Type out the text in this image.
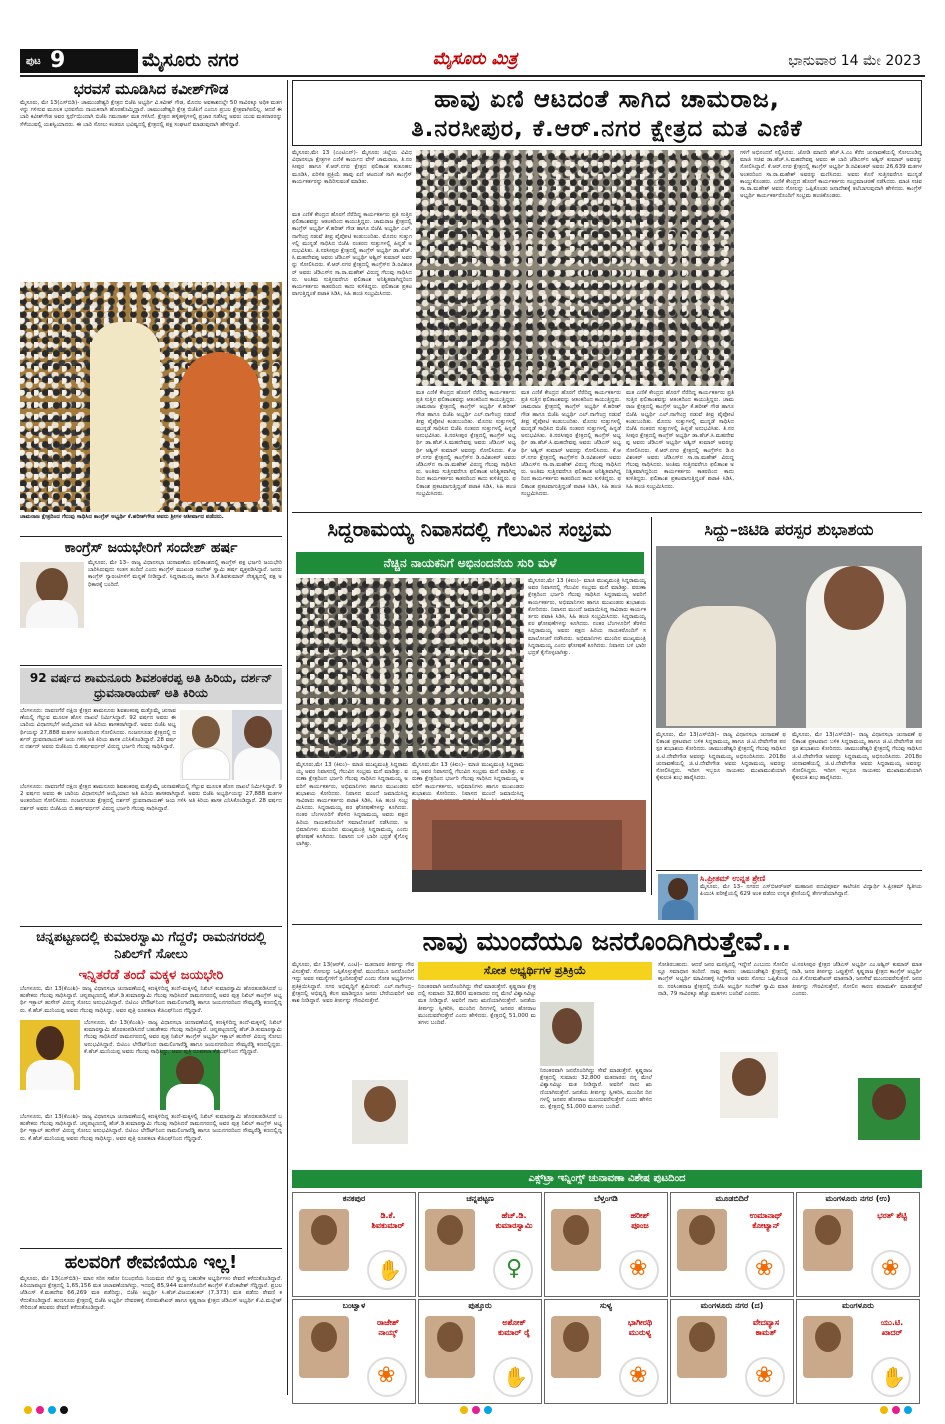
ಪುಟ 9	ಮೈಸೂರು ನಗರ	ಮೈಸೂರು ಮಿತ್ರ	ಭಾನುವಾರ 14 ಮೇ 2023
ಭರವಸೆ ಮೂಡಿಸಿದ ಕವೀಶ್‌ಗೌಡ
ಮೈಸೂರು, ಮೇ 13(ಎಸ್‌ಬಿಡಿ)- ಚಾಮುಂಡೇಶ್ವರಿ ಕ್ಷೇತ್ರದ ಬಿಜೆಪಿ ಅಭ್ಯರ್ಥಿ ವಿ.ಕವೀಶ್ ಗೌಡ, ಮೊದಲ ಅವಕಾಶದಲ್ಲೇ 50 ಸಾವಿರಕ್ಕೂ ಅಧಿಕ ಮತಗಳನ್ನು ಗಳಿಸುವ ಮೂಲಕ ಭರವಸೆಯ ನಾಯಕನಾಗಿ ಹೊರಹೊಮ್ಮಿದ್ದಾರೆ. ಚಾಮುಂಡೇಶ್ವರಿ ಕ್ಷೇತ್ರ ಬಿಜೆಪಿಗೆ ಎಂದೂ ಪ್ರಬಲ ಕ್ಷೇತ್ರವಾಗಿರಲಿಲ್ಲ. ಆದರೆ ಈ ಬಾರಿ ಕವೀಶ್‌ಗೌಡ ಅವರ ಸ್ಪರ್ಧೆಯಿಂದಾಗಿ ಬಿಜೆಪಿ ಗಮನಾರ್ಹ ಮತ ಗಳಿಸಿದೆ. ಕ್ಷೇತ್ರದ ಹಳ್ಳಿಹಳ್ಳಿಗಳಲ್ಲಿ ಪ್ರಚಾರ ನಡೆಸಿದ್ದ ಅವರು ಯುವ ಮತದಾರರನ್ನು ಸೆಳೆಯುವಲ್ಲಿ ಯಶಸ್ವಿಯಾದರು. ಈ ಬಾರಿ ಸೋಲು ಕಂಡರೂ ಭವಿಷ್ಯದಲ್ಲಿ ಕ್ಷೇತ್ರದಲ್ಲಿ ಪಕ್ಷ ಸಂಘಟನೆ ಮಾಡುವುದಾಗಿ ಹೇಳಿದ್ದಾರೆ.
ಚಾಮರಾಜ ಕ್ಷೇತ್ರದಿಂದ ಗೆಲುವು ಸಾಧಿಸಿದ ಕಾಂಗ್ರೆಸ್ ಅಭ್ಯರ್ಥಿ ಕೆ.ಹರೀಶ್‌ಗೌಡ ಅವರು ಶ್ರೀಗಳ ಆಶೀರ್ವಾದ ಪಡೆದರು.
ಕಾಂಗ್ರೆಸ್ ಜಯಭೇರಿಗೆ ಸಂದೇಶ್ ಹರ್ಷ
ಮೈಸೂರು, ಮೇ 13– ರಾಜ್ಯ ವಿಧಾನಸಭಾ ಚುನಾವಣೆಯ ಫಲಿತಾಂಶದಲ್ಲಿ ಕಾಂಗ್ರೆಸ್ ಪಕ್ಷ ಭರ್ಜರಿ ಜಯಭೇರಿ ಬಾರಿಸಿರುವುದು ಸಂತಸ ತಂದಿದೆ ಎಂದು ಕಾಂಗ್ರೆಸ್ ಮುಖಂಡ ಸಂದೇಶ್ ಸ್ವಾಮಿ ಹರ್ಷ ವ್ಯಕ್ತಪಡಿಸಿದ್ದಾರೆ. ಜನರು ಕಾಂಗ್ರೆಸ್ ಗ್ಯಾರಂಟಿಗಳಿಗೆ ಮನ್ನಣೆ ನೀಡಿದ್ದಾರೆ. ಸಿದ್ದರಾಮಯ್ಯ ಹಾಗೂ ಡಿ.ಕೆ.ಶಿವಕುಮಾರ್ ನೇತೃತ್ವದಲ್ಲಿ ಪಕ್ಷ ಅಧಿಕಾರಕ್ಕೆ ಬಂದಿದೆ.
92 ವರ್ಷದ ಶಾಮನೂರು ಶಿವಶಂಕರಪ್ಪ ಅತಿ ಹಿರಿಯ, ದರ್ಶನ್ ಧ್ರುವನಾರಾಯಣ್ ಅತಿ ಕಿರಿಯ
ಬೆಂಗಳೂರು: ದಾವಣಗೆರೆ ದಕ್ಷಿಣ ಕ್ಷೇತ್ರದ ಶಾಮನೂರು ಶಿವಶಂಕರಪ್ಪ ಮತ್ತೊಮ್ಮೆ ಚುನಾವಣೆಯಲ್ಲಿ ಗೆಲ್ಲುವ ಮೂಲಕ ಹೊಸ ದಾಖಲೆ ನಿರ್ಮಿಸಿದ್ದಾರೆ. 92 ವರ್ಷದ ಅವರು ಈ ಬಾರಿಯ ವಿಧಾನಸಭೆಗೆ ಆಯ್ಕೆಯಾದ ಅತಿ ಹಿರಿಯ ಶಾಸಕರಾಗಿದ್ದಾರೆ. ಅವರು ಬಿಜೆಪಿ ಅಭ್ಯರ್ಥಿಯನ್ನು 27,888 ಮತಗಳ ಅಂತರದಿಂದ ಸೋಲಿಸಿದರು. ನಂಜನಗೂಡು ಕ್ಷೇತ್ರದಲ್ಲಿ ದರ್ಶನ್ ಧ್ರುವನಾರಾಯಣ್ ಜಯ ಗಳಿಸಿ ಅತಿ ಕಿರಿಯ ಶಾಸಕ ಎನಿಸಿಕೊಂಡಿದ್ದಾರೆ. 28 ವರ್ಷದ ದರ್ಶನ್ ಅವರು ಬಿಜೆಪಿಯ ಬಿ.ಹರ್ಷವರ್ಧನ್ ವಿರುದ್ಧ ಭರ್ಜರಿ ಗೆಲುವು ಸಾಧಿಸಿದ್ದಾರೆ.
ಬೆಂಗಳೂರು: ದಾವಣಗೆರೆ ದಕ್ಷಿಣ ಕ್ಷೇತ್ರದ ಶಾಮನೂರು ಶಿವಶಂಕರಪ್ಪ ಮತ್ತೊಮ್ಮೆ ಚುನಾವಣೆಯಲ್ಲಿ ಗೆಲ್ಲುವ ಮೂಲಕ ಹೊಸ ದಾಖಲೆ ನಿರ್ಮಿಸಿದ್ದಾರೆ. 92 ವರ್ಷದ ಅವರು ಈ ಬಾರಿಯ ವಿಧಾನಸಭೆಗೆ ಆಯ್ಕೆಯಾದ ಅತಿ ಹಿರಿಯ ಶಾಸಕರಾಗಿದ್ದಾರೆ. ಅವರು ಬಿಜೆಪಿ ಅಭ್ಯರ್ಥಿಯನ್ನು 27,888 ಮತಗಳ ಅಂತರದಿಂದ ಸೋಲಿಸಿದರು. ನಂಜನಗೂಡು ಕ್ಷೇತ್ರದಲ್ಲಿ ದರ್ಶನ್ ಧ್ರುವನಾರಾಯಣ್ ಜಯ ಗಳಿಸಿ ಅತಿ ಕಿರಿಯ ಶಾಸಕ ಎನಿಸಿಕೊಂಡಿದ್ದಾರೆ. 28 ವರ್ಷದ ದರ್ಶನ್ ಅವರು ಬಿಜೆಪಿಯ ಬಿ.ಹರ್ಷವರ್ಧನ್ ವಿರುದ್ಧ ಭರ್ಜರಿ ಗೆಲುವು ಸಾಧಿಸಿದ್ದಾರೆ.
ಚನ್ನಪಟ್ಟಣದಲ್ಲಿ ಕುಮಾರಸ್ವಾಮಿ ಗೆದ್ದರೆ; ರಾಮನಗರದಲ್ಲಿ ನಿಖಿಲ್‌ಗೆ ಸೋಲು
ಇನ್ನಿತರೆಡೆ ತಂದೆ ಮಕ್ಕಳ ಜಯಭೇರಿ
ಬೆಂಗಳೂರು, ಮೇ 13(ಕೆಎಂಶಿ)- ರಾಜ್ಯ ವಿಧಾನಸಭಾ ಚುನಾವಣೆಯಲ್ಲಿ ಕಣಕ್ಕಿಳಿದಿದ್ದ ತಂದೆ-ಮಕ್ಕಳಲ್ಲಿ ನಿಖಿಲ್ ಕುಮಾರಸ್ವಾಮಿ ಹೊರತುಪಡಿಸಿದರೆ ಬಹುತೇಕರು ಗೆಲುವು ಸಾಧಿಸಿದ್ದಾರೆ. ಚನ್ನಪಟ್ಟಣದಲ್ಲಿ ಹೆಚ್.ಡಿ.ಕುಮಾರಸ್ವಾಮಿ ಗೆಲುವು ಸಾಧಿಸಿದರೆ ರಾಮನಗರದಲ್ಲಿ ಅವರ ಪುತ್ರ ನಿಖಿಲ್ ಕಾಂಗ್ರೆಸ್ ಅಭ್ಯರ್ಥಿ ಇಕ್ಬಾಲ್ ಹುಸೇನ್ ವಿರುದ್ಧ ಸೋಲು ಅನುಭವಿಸಿದ್ದಾರೆ. ಬಿಟಿಎಂ ಲೇಔಟ್‌ನಿಂದ ರಾಮಲಿಂಗಾರೆಡ್ಡಿ ಹಾಗೂ ಜಯನಗರದಿಂದ ಸೌಮ್ಯರೆಡ್ಡಿ ಕಣದಲ್ಲಿದ್ದರು. ಕೆ.ಹೆಚ್.ಮುನಿಯಪ್ಪ ಅವರು ಗೆಲುವು ಸಾಧಿಸಿದ್ದು, ಅವರ ಪುತ್ರಿ ರೂಪಕಲಾ ಕೆಜಿಎಫ್‌ನಿಂದ ಗೆದ್ದಿದ್ದಾರೆ.
ಬೆಂಗಳೂರು, ಮೇ 13(ಕೆಎಂಶಿ)- ರಾಜ್ಯ ವಿಧಾನಸಭಾ ಚುನಾವಣೆಯಲ್ಲಿ ಕಣಕ್ಕಿಳಿದಿದ್ದ ತಂದೆ-ಮಕ್ಕಳಲ್ಲಿ ನಿಖಿಲ್ ಕುಮಾರಸ್ವಾಮಿ ಹೊರತುಪಡಿಸಿದರೆ ಬಹುತೇಕರು ಗೆಲುವು ಸಾಧಿಸಿದ್ದಾರೆ. ಚನ್ನಪಟ್ಟಣದಲ್ಲಿ ಹೆಚ್.ಡಿ.ಕುಮಾರಸ್ವಾಮಿ ಗೆಲುವು ಸಾಧಿಸಿದರೆ ರಾಮನಗರದಲ್ಲಿ ಅವರ ಪುತ್ರ ನಿಖಿಲ್ ಕಾಂಗ್ರೆಸ್ ಅಭ್ಯರ್ಥಿ ಇಕ್ಬಾಲ್ ಹುಸೇನ್ ವಿರುದ್ಧ ಸೋಲು ಅನುಭವಿಸಿದ್ದಾರೆ. ಬಿಟಿಎಂ ಲೇಔಟ್‌ನಿಂದ ರಾಮಲಿಂಗಾರೆಡ್ಡಿ ಹಾಗೂ ಜಯನಗರದಿಂದ ಸೌಮ್ಯರೆಡ್ಡಿ ಕಣದಲ್ಲಿದ್ದರು. ಕೆ.ಹೆಚ್.ಮುನಿಯಪ್ಪ ಅವರು ಗೆಲುವು ಸಾಧಿಸಿದ್ದು, ಅವರ ಪುತ್ರಿ ರೂಪಕಲಾ ಕೆಜಿಎಫ್‌ನಿಂದ ಗೆದ್ದಿದ್ದಾರೆ.
ಬೆಂಗಳೂರು, ಮೇ 13(ಕೆಎಂಶಿ)- ರಾಜ್ಯ ವಿಧಾನಸಭಾ ಚುನಾವಣೆಯಲ್ಲಿ ಕಣಕ್ಕಿಳಿದಿದ್ದ ತಂದೆ-ಮಕ್ಕಳಲ್ಲಿ ನಿಖಿಲ್ ಕುಮಾರಸ್ವಾಮಿ ಹೊರತುಪಡಿಸಿದರೆ ಬಹುತೇಕರು ಗೆಲುವು ಸಾಧಿಸಿದ್ದಾರೆ. ಚನ್ನಪಟ್ಟಣದಲ್ಲಿ ಹೆಚ್.ಡಿ.ಕುಮಾರಸ್ವಾಮಿ ಗೆಲುವು ಸಾಧಿಸಿದರೆ ರಾಮನಗರದಲ್ಲಿ ಅವರ ಪುತ್ರ ನಿಖಿಲ್ ಕಾಂಗ್ರೆಸ್ ಅಭ್ಯರ್ಥಿ ಇಕ್ಬಾಲ್ ಹುಸೇನ್ ವಿರುದ್ಧ ಸೋಲು ಅನುಭವಿಸಿದ್ದಾರೆ. ಬಿಟಿಎಂ ಲೇಔಟ್‌ನಿಂದ ರಾಮಲಿಂಗಾರೆಡ್ಡಿ ಹಾಗೂ ಜಯನಗರದಿಂದ ಸೌಮ್ಯರೆಡ್ಡಿ ಕಣದಲ್ಲಿದ್ದರು. ಕೆ.ಹೆಚ್.ಮುನಿಯಪ್ಪ ಅವರು ಗೆಲುವು ಸಾಧಿಸಿದ್ದು, ಅವರ ಪುತ್ರಿ ರೂಪಕಲಾ ಕೆಜಿಎಫ್‌ನಿಂದ ಗೆದ್ದಿದ್ದಾರೆ.
ಹಲವರಿಗೆ ಠೇವಣಿಯೂ ಇಲ್ಲ!
ಮೈಸೂರು, ಮೇ 13(ಎಸ್‌ಬಿಡಿ)– ಮಾನ ಸರಿಸ ಸಹೋ ನಿಬಂಧನೆಯ ನಿಯಮದ ನೆಲೆ ಸ್ವಾಧ್ಯ ಬಹುತೇಕ ಅಭ್ಯರ್ಥಿಗಳು ಠೇವಣಿ ಕಳೆದುಕೊಂಡಿದ್ದಾರೆ. ಪಿರಿಯಾಪಟ್ಟಣ ಕ್ಷೇತ್ರದಲ್ಲಿ 1,65,156 ಮತ ಚಲಾವಣೆಯಾಗಿದ್ದು, ಇದರಲ್ಲಿ 85,944 ಮತಗಳೊಂದಿಗೆ ಕಾಂಗ್ರೆಸ್ ಕೆ.ವೆಂಕಟೇಶ್ ಗೆದ್ದಿದ್ದಾರೆ. ಪ್ರಬಲ ಜೆಡಿಎಸ್ ಕೆ.ಮಹದೇವ 66,269 ಮತ ಪಡೆದಿದ್ದು, ಬಿಜೆಪಿ ಅಭ್ಯರ್ಥಿ ಸಿ.ಹೆಚ್.ವಿಜಯಶಂಕರ್ (7,373) ಮತ ಪಡೆದು ಠೇವಣಿ ಕಳೆದುಕೊಂಡಿದ್ದಾರೆ. ಹುಣಸೂರು ಕ್ಷೇತ್ರದಲ್ಲಿ ಬಿಜೆಪಿ ಅಭ್ಯರ್ಥಿ ದೇವರಹಳ್ಳಿ ಸೋಮಶೇಖರ್ ಹಾಗೂ ಕೃಷ್ಣರಾಜ ಕ್ಷೇತ್ರದ ಜೆಡಿಎಸ್ ಅಭ್ಯರ್ಥಿ ಕೆ.ವಿ.ಮಲ್ಲೇಶ್ ಸೇರಿದಂತೆ ಹಲವರು ಠೇವಣಿ ಕಳೆದುಕೊಂಡಿದ್ದಾರೆ.
ಹಾವು ಏಣಿ ಆಟದಂತೆ ಸಾಗಿದ ಚಾಮರಾಜ,
ತಿ.ನರಸೀಪುರ, ಕೆ.ಆರ್.ನಗರ ಕ್ಷೇತ್ರದ ಮತ ಎಣಿಕೆ
ಮೈಸೂರು,ಮೇ 13 (ಎಂಟಿಎನ್)- ಮೈಸೂರು ಜಿಲ್ಲೆಯ ವಿವಿಧ ವಿಧಾನಸಭಾ ಕ್ಷೇತ್ರಗಳ ಎಣಿಕೆ ಕಾರ್ಯದ ವೇಳೆ ಚಾಮರಾಜ, ತಿ.ನರಸೀಪುರ ಹಾಗೂ ಕೆ.ಆರ್.ನಗರ ಕ್ಷೇತ್ರದ ಫಲಿತಾಂಶ ಕುತೂಹಲ ಮೂಡಿಸಿ, ಏರಿಳಿತ ಪ್ರಕ್ರಿಯೆ ಹಾವು ಏಣಿ ಆಟದಂತೆ ಸಾಗಿ ಕಾಂಗ್ರೆಸ್ ಕಾರ್ಯಕರ್ತರನ್ನು ಕಾದಿರಿಸುವಂತೆ ಮಾಡಿತು.
ಮತ ಎಣಿಕೆ ಕೇಂದ್ರದ ಹೊರಗೆ ನೆರೆದಿದ್ದ ಕಾರ್ಯಕರ್ತರು ಪ್ರತಿ ಸುತ್ತಿನ ಫಲಿತಾಂಶವನ್ನು ಆತಂಕದಿಂದ ಕಾಯುತ್ತಿದ್ದರು. ಚಾಮರಾಜ ಕ್ಷೇತ್ರದಲ್ಲಿ ಕಾಂಗ್ರೆಸ್ ಅಭ್ಯರ್ಥಿ ಕೆ.ಹರೀಶ್ ಗೌಡ ಹಾಗೂ ಬಿಜೆಪಿ ಅಭ್ಯರ್ಥಿ ಎಲ್.ನಾಗೇಂದ್ರ ನಡುವೆ ತೀವ್ರ ಪೈಪೋಟಿ ಕಂಡುಬಂದಿತು. ಮೊದಲ ಸುತ್ತುಗಳಲ್ಲಿ ಮುನ್ನಡೆ ಸಾಧಿಸಿದ ಬಿಜೆಪಿ ನಂತರದ ಸುತ್ತುಗಳಲ್ಲಿ ಹಿನ್ನಡೆ ಅನುಭವಿಸಿತು. ತಿ.ನರಸೀಪುರ ಕ್ಷೇತ್ರದಲ್ಲಿ ಕಾಂಗ್ರೆಸ್ ಅಭ್ಯರ್ಥಿ ಡಾ.ಹೆಚ್.ಸಿ.ಮಹದೇವಪ್ಪ ಅವರು ಜೆಡಿಎಸ್ ಅಭ್ಯರ್ಥಿ ಅಶ್ವಿನ್ ಕುಮಾರ್ ಅವರನ್ನು ಸೋಲಿಸಿದರು. ಕೆ.ಆರ್.ನಗರ ಕ್ಷೇತ್ರದಲ್ಲಿ ಕಾಂಗ್ರೆಸ್‌ನ ಡಿ.ರವಿಶಂಕರ್ ಅವರು ಜೆಡಿಎಸ್‌ನ ಸಾ.ರಾ.ಮಹೇಶ್ ವಿರುದ್ಧ ಗೆಲುವು ಸಾಧಿಸಿದರು. ಅಂತಿಮ ಸುತ್ತಿನವರೆಗೂ ಫಲಿತಾಂಶ ಅನಿಶ್ಚಿತವಾಗಿದ್ದರಿಂದ ಕಾರ್ಯಕರ್ತರು ಕಾತರದಿಂದ ಕಾದು ಕುಳಿತಿದ್ದರು. ಫಲಿತಾಂಶ ಪ್ರಕಟವಾಗುತ್ತಿದ್ದಂತೆ ಪಟಾಕಿ ಸಿಡಿಸಿ, ಸಿಹಿ ಹಂಚಿ ಸಂಭ್ರಮಿಸಿದರು.
ಮತ ಎಣಿಕೆ ಕೇಂದ್ರದ ಹೊರಗೆ ನೆರೆದಿದ್ದ ಕಾರ್ಯಕರ್ತರು ಪ್ರತಿ ಸುತ್ತಿನ ಫಲಿತಾಂಶವನ್ನು ಆತಂಕದಿಂದ ಕಾಯುತ್ತಿದ್ದರು. ಚಾಮರಾಜ ಕ್ಷೇತ್ರದಲ್ಲಿ ಕಾಂಗ್ರೆಸ್ ಅಭ್ಯರ್ಥಿ ಕೆ.ಹರೀಶ್ ಗೌಡ ಹಾಗೂ ಬಿಜೆಪಿ ಅಭ್ಯರ್ಥಿ ಎಲ್.ನಾಗೇಂದ್ರ ನಡುವೆ ತೀವ್ರ ಪೈಪೋಟಿ ಕಂಡುಬಂದಿತು. ಮೊದಲ ಸುತ್ತುಗಳಲ್ಲಿ ಮುನ್ನಡೆ ಸಾಧಿಸಿದ ಬಿಜೆಪಿ ನಂತರದ ಸುತ್ತುಗಳಲ್ಲಿ ಹಿನ್ನಡೆ ಅನುಭವಿಸಿತು. ತಿ.ನರಸೀಪುರ ಕ್ಷೇತ್ರದಲ್ಲಿ ಕಾಂಗ್ರೆಸ್ ಅಭ್ಯರ್ಥಿ ಡಾ.ಹೆಚ್.ಸಿ.ಮಹದೇವಪ್ಪ ಅವರು ಜೆಡಿಎಸ್ ಅಭ್ಯರ್ಥಿ ಅಶ್ವಿನ್ ಕುಮಾರ್ ಅವರನ್ನು ಸೋಲಿಸಿದರು. ಕೆ.ಆರ್.ನಗರ ಕ್ಷೇತ್ರದಲ್ಲಿ ಕಾಂಗ್ರೆಸ್‌ನ ಡಿ.ರವಿಶಂಕರ್ ಅವರು ಜೆಡಿಎಸ್‌ನ ಸಾ.ರಾ.ಮಹೇಶ್ ವಿರುದ್ಧ ಗೆಲುವು ಸಾಧಿಸಿದರು. ಅಂತಿಮ ಸುತ್ತಿನವರೆಗೂ ಫಲಿತಾಂಶ ಅನಿಶ್ಚಿತವಾಗಿದ್ದರಿಂದ ಕಾರ್ಯಕರ್ತರು ಕಾತರದಿಂದ ಕಾದು ಕುಳಿತಿದ್ದರು. ಫಲಿತಾಂಶ ಪ್ರಕಟವಾಗುತ್ತಿದ್ದಂತೆ ಪಟಾಕಿ ಸಿಡಿಸಿ, ಸಿಹಿ ಹಂಚಿ ಸಂಭ್ರಮಿಸಿದರು.
ಮತ ಎಣಿಕೆ ಕೇಂದ್ರದ ಹೊರಗೆ ನೆರೆದಿದ್ದ ಕಾರ್ಯಕರ್ತರು ಪ್ರತಿ ಸುತ್ತಿನ ಫಲಿತಾಂಶವನ್ನು ಆತಂಕದಿಂದ ಕಾಯುತ್ತಿದ್ದರು. ಚಾಮರಾಜ ಕ್ಷೇತ್ರದಲ್ಲಿ ಕಾಂಗ್ರೆಸ್ ಅಭ್ಯರ್ಥಿ ಕೆ.ಹರೀಶ್ ಗೌಡ ಹಾಗೂ ಬಿಜೆಪಿ ಅಭ್ಯರ್ಥಿ ಎಲ್.ನಾಗೇಂದ್ರ ನಡುವೆ ತೀವ್ರ ಪೈಪೋಟಿ ಕಂಡುಬಂದಿತು. ಮೊದಲ ಸುತ್ತುಗಳಲ್ಲಿ ಮುನ್ನಡೆ ಸಾಧಿಸಿದ ಬಿಜೆಪಿ ನಂತರದ ಸುತ್ತುಗಳಲ್ಲಿ ಹಿನ್ನಡೆ ಅನುಭವಿಸಿತು. ತಿ.ನರಸೀಪುರ ಕ್ಷೇತ್ರದಲ್ಲಿ ಕಾಂಗ್ರೆಸ್ ಅಭ್ಯರ್ಥಿ ಡಾ.ಹೆಚ್.ಸಿ.ಮಹದೇವಪ್ಪ ಅವರು ಜೆಡಿಎಸ್ ಅಭ್ಯರ್ಥಿ ಅಶ್ವಿನ್ ಕುಮಾರ್ ಅವರನ್ನು ಸೋಲಿಸಿದರು. ಕೆ.ಆರ್.ನಗರ ಕ್ಷೇತ್ರದಲ್ಲಿ ಕಾಂಗ್ರೆಸ್‌ನ ಡಿ.ರವಿಶಂಕರ್ ಅವರು ಜೆಡಿಎಸ್‌ನ ಸಾ.ರಾ.ಮಹೇಶ್ ವಿರುದ್ಧ ಗೆಲುವು ಸಾಧಿಸಿದರು. ಅಂತಿಮ ಸುತ್ತಿನವರೆಗೂ ಫಲಿತಾಂಶ ಅನಿಶ್ಚಿತವಾಗಿದ್ದರಿಂದ ಕಾರ್ಯಕರ್ತರು ಕಾತರದಿಂದ ಕಾದು ಕುಳಿತಿದ್ದರು. ಫಲಿತಾಂಶ ಪ್ರಕಟವಾಗುತ್ತಿದ್ದಂತೆ ಪಟಾಕಿ ಸಿಡಿಸಿ, ಸಿಹಿ ಹಂಚಿ ಸಂಭ್ರಮಿಸಿದರು.
ಮತ ಎಣಿಕೆ ಕೇಂದ್ರದ ಹೊರಗೆ ನೆರೆದಿದ್ದ ಕಾರ್ಯಕರ್ತರು ಪ್ರತಿ ಸುತ್ತಿನ ಫಲಿತಾಂಶವನ್ನು ಆತಂಕದಿಂದ ಕಾಯುತ್ತಿದ್ದರು. ಚಾಮರಾಜ ಕ್ಷೇತ್ರದಲ್ಲಿ ಕಾಂಗ್ರೆಸ್ ಅಭ್ಯರ್ಥಿ ಕೆ.ಹರೀಶ್ ಗೌಡ ಹಾಗೂ ಬಿಜೆಪಿ ಅಭ್ಯರ್ಥಿ ಎಲ್.ನಾಗೇಂದ್ರ ನಡುವೆ ತೀವ್ರ ಪೈಪೋಟಿ ಕಂಡುಬಂದಿತು. ಮೊದಲ ಸುತ್ತುಗಳಲ್ಲಿ ಮುನ್ನಡೆ ಸಾಧಿಸಿದ ಬಿಜೆಪಿ ನಂತರದ ಸುತ್ತುಗಳಲ್ಲಿ ಹಿನ್ನಡೆ ಅನುಭವಿಸಿತು. ತಿ.ನರಸೀಪುರ ಕ್ಷೇತ್ರದಲ್ಲಿ ಕಾಂಗ್ರೆಸ್ ಅಭ್ಯರ್ಥಿ ಡಾ.ಹೆಚ್.ಸಿ.ಮಹದೇವಪ್ಪ ಅವರು ಜೆಡಿಎಸ್ ಅಭ್ಯರ್ಥಿ ಅಶ್ವಿನ್ ಕುಮಾರ್ ಅವರನ್ನು ಸೋಲಿಸಿದರು. ಕೆ.ಆರ್.ನಗರ ಕ್ಷೇತ್ರದಲ್ಲಿ ಕಾಂಗ್ರೆಸ್‌ನ ಡಿ.ರವಿಶಂಕರ್ ಅವರು ಜೆಡಿಎಸ್‌ನ ಸಾ.ರಾ.ಮಹೇಶ್ ವಿರುದ್ಧ ಗೆಲುವು ಸಾಧಿಸಿದರು. ಅಂತಿಮ ಸುತ್ತಿನವರೆಗೂ ಫಲಿತಾಂಶ ಅನಿಶ್ಚಿತವಾಗಿದ್ದರಿಂದ ಕಾರ್ಯಕರ್ತರು ಕಾತರದಿಂದ ಕಾದು ಕುಳಿತಿದ್ದರು. ಫಲಿತಾಂಶ ಪ್ರಕಟವಾಗುತ್ತಿದ್ದಂತೆ ಪಟಾಕಿ ಸಿಡಿಸಿ, ಸಿಹಿ ಹಂಚಿ ಸಂಭ್ರಮಿಸಿದರು.
ಗಳಿಗೆ ಅಭಿನಂದನೆ ಸಲ್ಲಿಸಿದರು. ಜೋಡಿ ಮಾದರಿ ಹೆಚ್.ಸಿ.ಎಂ ಕೆರೆದ ಚುನಾವಣೆಯಲ್ಲಿ ಸೋಲುಂಡಿದ್ದ ಮಾಜಿ ಸಚಿವ ಡಾ.ಹೆಚ್.ಸಿ.ಮಹದೇವಪ್ಪ ಅವರು ಈ ಬಾರಿ ಜೆಡಿಎಸ್‌ನ ಅಶ್ವಿನ್ ಕುಮಾರ್ ಅವರನ್ನು ಸೋಲಿಸಿದ್ದಾರೆ. ಕೆ.ಆರ್.ನಗರ ಕ್ಷೇತ್ರದಲ್ಲಿ ಕಾಂಗ್ರೆಸ್ ಅಭ್ಯರ್ಥಿ ಡಿ.ರವಿಶಂಕರ್ ಅವರು 26,639 ಮತಗಳ ಅಂತರದಿಂದ ಸಾ.ರಾ.ಮಹೇಶ್ ಅವರನ್ನು ಮಣಿಸಿದರು. ಅವರು ಕೊನೆ ಸುತ್ತಿನವರೆಗೂ ಮುನ್ನಡೆ ಕಾಯ್ದುಕೊಂಡರು. ಎಣಿಕೆ ಕೇಂದ್ರದ ಹೊರಗೆ ಕಾರ್ಯಕರ್ತರು ಸಂಭ್ರಮಾಚರಣೆ ನಡೆಸಿದರು. ಮಾಜಿ ಸಚಿವ ಸಾ.ರಾ.ಮಹೇಶ್ ಅವರು ಸೋಲನ್ನು ಒಪ್ಪಿಕೊಂಡು ಜನಾದೇಶಕ್ಕೆ ತಲೆಬಾಗುವುದಾಗಿ ಹೇಳಿದರು. ಕಾಂಗ್ರೆಸ್ ಅಭ್ಯರ್ಥಿ ಕಾರ್ಯಕರ್ತರೊಂದಿಗೆ ಸಂಭ್ರಮ ಹಂಚಿಕೊಂಡರು.
ಸಿದ್ದರಾಮಯ್ಯ ನಿವಾಸದಲ್ಲಿ ಗೆಲುವಿನ ಸಂಭ್ರಮ
ನೆಚ್ಚಿನ ನಾಯಕನಿಗೆ ಅಭಿನಂದನೆಯ ಸುರಿ ಮಳೆ
ಮೈಸೂರು,ಮೇ 13 (ಕಿಐಂ)– ಮಾಜಿ ಮುಖ್ಯಮಂತ್ರಿ ಸಿದ್ದರಾಮಯ್ಯ ಅವರ ನಿವಾಸದಲ್ಲಿ ಗೆಲುವಿನ ಸಂಭ್ರಮ ಮನೆ ಮಾಡಿತ್ತು. ವರುಣಾ ಕ್ಷೇತ್ರದಿಂದ ಭರ್ಜರಿ ಗೆಲುವು ಸಾಧಿಸಿದ ಸಿದ್ದರಾಮಯ್ಯ ಅವರಿಗೆ ಕಾರ್ಯಕರ್ತರು, ಅಭಿಮಾನಿಗಳು ಹಾಗೂ ಮುಖಂಡರು ಶುಭಾಶಯ ಕೋರಿದರು. ನಿವಾಸದ ಮುಂದೆ ಜಮಾಯಿಸಿದ್ದ ಸಾವಿರಾರು ಕಾರ್ಯಕರ್ತರು ಪಟಾಕಿ ಸಿಡಿಸಿ, ಸಿಹಿ ಹಂಚಿ ಸಂಭ್ರಮಿಸಿದರು. ಸಿದ್ದರಾಮಯ್ಯ ಪರ ಘೋಷಣೆಗಳನ್ನು ಕೂಗಿದರು. ನಂತರ ಬೆಂಗಳೂರಿಗೆ ತೆರಳಿದ ಸಿದ್ದರಾಮಯ್ಯ ಅವರು ಪಕ್ಷದ ಹಿರಿಯ ನಾಯಕರೊಂದಿಗೆ ಸಮಾಲೋಚನೆ ನಡೆಸಿದರು. ಅಭಿಮಾನಿಗಳು ಮುಂದಿನ ಮುಖ್ಯಮಂತ್ರಿ ಸಿದ್ದರಾಮಯ್ಯ ಎಂದು ಘೋಷಣೆ ಕೂಗಿದರು. ನಿವಾಸದ ಬಳಿ ಭಾರೀ ಭದ್ರತೆ ಕೈಗೊಳ್ಳಲಾಗಿತ್ತು.
ಮೈಸೂರು,ಮೇ 13 (ಕಿಐಂ)– ಮಾಜಿ ಮುಖ್ಯಮಂತ್ರಿ ಸಿದ್ದರಾಮಯ್ಯ ಅವರ ನಿವಾಸದಲ್ಲಿ ಗೆಲುವಿನ ಸಂಭ್ರಮ ಮನೆ ಮಾಡಿತ್ತು. ವರುಣಾ ಕ್ಷೇತ್ರದಿಂದ ಭರ್ಜರಿ ಗೆಲುವು ಸಾಧಿಸಿದ ಸಿದ್ದರಾಮಯ್ಯ ಅವರಿಗೆ ಕಾರ್ಯಕರ್ತರು, ಅಭಿಮಾನಿಗಳು ಹಾಗೂ ಮುಖಂಡರು ಶುಭಾಶಯ ಕೋರಿದರು. ನಿವಾಸದ ಮುಂದೆ ಜಮಾಯಿಸಿದ್ದ ಸಾವಿರಾರು ಕಾರ್ಯಕರ್ತರು ಪಟಾಕಿ ಸಿಡಿಸಿ, ಸಿಹಿ ಹಂಚಿ ಸಂಭ್ರಮಿಸಿದರು. ಸಿದ್ದರಾಮಯ್ಯ ಪರ ಘೋಷಣೆಗಳನ್ನು ಕೂಗಿದರು. ನಂತರ ಬೆಂಗಳೂರಿಗೆ ತೆರಳಿದ ಸಿದ್ದರಾಮಯ್ಯ ಅವರು ಪಕ್ಷದ ಹಿರಿಯ ನಾಯಕರೊಂದಿಗೆ ಸಮಾಲೋಚನೆ ನಡೆಸಿದರು. ಅಭಿಮಾನಿಗಳು ಮುಂದಿನ ಮುಖ್ಯಮಂತ್ರಿ ಸಿದ್ದರಾಮಯ್ಯ ಎಂದು ಘೋಷಣೆ ಕೂಗಿದರು. ನಿವಾಸದ ಬಳಿ ಭಾರೀ ಭದ್ರತೆ ಕೈಗೊಳ್ಳಲಾಗಿತ್ತು.
ಮೈಸೂರು,ಮೇ 13 (ಕಿಐಂ)– ಮಾಜಿ ಮುಖ್ಯಮಂತ್ರಿ ಸಿದ್ದರಾಮಯ್ಯ ಅವರ ನಿವಾಸದಲ್ಲಿ ಗೆಲುವಿನ ಸಂಭ್ರಮ ಮನೆ ಮಾಡಿತ್ತು. ವರುಣಾ ಕ್ಷೇತ್ರದಿಂದ ಭರ್ಜರಿ ಗೆಲುವು ಸಾಧಿಸಿದ ಸಿದ್ದರಾಮಯ್ಯ ಅವರಿಗೆ ಕಾರ್ಯಕರ್ತರು, ಅಭಿಮಾನಿಗಳು ಹಾಗೂ ಮುಖಂಡರು ಶುಭಾಶಯ ಕೋರಿದರು. ನಿವಾಸದ ಮುಂದೆ ಜಮಾಯಿಸಿದ್ದ
ಸಿದ್ದು–ಜಿಟಿಡಿ ಪರಸ್ಪರ ಶುಭಾಶಯ
ಮೈಸೂರು, ಮೇ 13(ಎಸ್‌ಬಿಡಿ)– ರಾಜ್ಯ ವಿಧಾನಸಭಾ ಚುನಾವಣೆ ಫಲಿತಾಂಶ ಪ್ರಕಟವಾದ ಬಳಿಕ ಸಿದ್ದರಾಮಯ್ಯ ಹಾಗೂ ಜಿ.ಟಿ.ದೇವೇಗೌಡ ಪರಸ್ಪರ ಶುಭಾಶಯ ಕೋರಿದರು. ಚಾಮುಂಡೇಶ್ವರಿ ಕ್ಷೇತ್ರದಲ್ಲಿ ಗೆಲುವು ಸಾಧಿಸಿದ ಜಿ.ಟಿ.ದೇವೇಗೌಡ ಅವರನ್ನು ಸಿದ್ದರಾಮಯ್ಯ ಅಭಿನಂದಿಸಿದರು. 2018ರ ಚುನಾವಣೆಯಲ್ಲಿ ಜಿ.ಟಿ.ದೇವೇಗೌಡ ಅವರು ಸಿದ್ದರಾಮಯ್ಯ ಅವರನ್ನು ಸೋಲಿಸಿದ್ದರು. ಇದೀಗ ಇಬ್ಬರೂ ನಾಯಕರು ಮುಖಾಮುಖಿಯಾಗಿ ಕೈಕುಲುಕಿ ಶುಭ ಹಾರೈಸಿದರು.
ಮೈಸೂರು, ಮೇ 13(ಎಸ್‌ಬಿಡಿ)– ರಾಜ್ಯ ವಿಧಾನಸಭಾ ಚುನಾವಣೆ ಫಲಿತಾಂಶ ಪ್ರಕಟವಾದ ಬಳಿಕ ಸಿದ್ದರಾಮಯ್ಯ ಹಾಗೂ ಜಿ.ಟಿ.ದೇವೇಗೌಡ ಪರಸ್ಪರ ಶುಭಾಶಯ ಕೋರಿದರು. ಚಾಮುಂಡೇಶ್ವರಿ ಕ್ಷೇತ್ರದಲ್ಲಿ ಗೆಲುವು ಸಾಧಿಸಿದ ಜಿ.ಟಿ.ದೇವೇಗೌಡ ಅವರನ್ನು ಸಿದ್ದರಾಮಯ್ಯ ಅಭಿನಂದಿಸಿದರು. 2018ರ ಚುನಾವಣೆಯಲ್ಲಿ ಜಿ.ಟಿ.ದೇವೇಗೌಡ ಅವರು ಸಿದ್ದರಾಮಯ್ಯ ಅವರನ್ನು ಸೋಲಿಸಿದ್ದರು. ಇದೀಗ ಇಬ್ಬರೂ ನಾಯಕರು ಮುಖಾಮುಖಿಯಾಗಿ ಕೈಕುಲುಕಿ ಶುಭ ಹಾರೈಸಿದರು.
ಸಿ.ಪ್ರೀತಮ್ ಉನ್ನತ ಶ್ರೇಣಿ
ಮೈಸೂರು, ಮೇ 13– ನಗರದ ಎಸ್‌ಬಿಆರ್‌ಆರ್ ಮಹಾಜನ ಪದವಿಪೂರ್ವ ಕಾಲೇಜಿನ ವಿದ್ಯಾರ್ಥಿ ಸಿ.ಪ್ರೀತಮ್ ದ್ವಿತೀಯ ಪಿಯುಸಿ ಪರೀಕ್ಷೆಯಲ್ಲಿ 629 ಅಂಕ ಪಡೆದು ಉನ್ನತ ಶ್ರೇಣಿಯಲ್ಲಿ ತೇರ್ಗಡೆಯಾಗಿದ್ದಾನೆ.
ನಾವು ಮುಂದೆಯೂ ಜನರೊಂದಿಗಿರುತ್ತೇವೆ...
ಮೈಸೂರು, ಮೇ 13(ಆರ್‌ಕೆ, ಎಂಟಿ)– ಮತದಾರರ ತೀರ್ಪನ್ನು ಗೌರವಿಸುತ್ತೇವೆ. ಸೋಲನ್ನು ಒಪ್ಪಿಕೊಳ್ಳುತ್ತೇವೆ. ಮುಂದೆಯೂ ಜನರೊಂದಿಗೆ ಇದ್ದು ಅವರ ಸಮಸ್ಯೆಗಳಿಗೆ ಸ್ಪಂದಿಸುತ್ತೇವೆ ಎಂದು ಸೋತ ಅಭ್ಯರ್ಥಿಗಳು ಪ್ರತಿಕ್ರಿಯಿಸಿದ್ದಾರೆ. ನಗರ ಅಭಿವೃದ್ಧಿಗೆ ಶ್ರಮಿಸುವೆ: ಎಲ್.ನಾಗೇಂದ್ರ– ಕ್ಷೇತ್ರದಲ್ಲಿ ಅಭಿವೃದ್ಧಿ ಕೆಲಸ ಮಾಡಿದ್ದರೂ ಜನರು ಬೇರೆಯವರಿಗೆ ಅವಕಾಶ ನೀಡಿದ್ದಾರೆ. ಅವರ ತೀರ್ಪನ್ನು ಗೌರವಿಸುತ್ತೇನೆ.
ಸೋತ ಅಭ್ಯರ್ಥಿಗಳ ಪ್ರತಿಕ್ರಿಯೆ
ನಿರಂತರವಾಗಿ ಜನರೊಂದಿಗಿದ್ದು ಸೇವೆ ಮಾಡುತ್ತೇನೆ. ಕೃಷ್ಣರಾಜ ಕ್ಷೇತ್ರದಲ್ಲಿ ಸುಮಾರು 32,800 ಮತದಾರರು ನನ್ನ ಮೇಲೆ ವಿಶ್ವಾಸವಿಟ್ಟು ಮತ ನೀಡಿದ್ದಾರೆ. ಅವರಿಗೆ ನಾನು ಋಣಿಯಾಗಿರುತ್ತೇನೆ. ಜನತೆಯ ತೀರ್ಪನ್ನು ಸ್ವೀಕರಿಸಿ, ಮುಂದಿನ ದಿನಗಳಲ್ಲಿ ಜನಪರ ಹೋರಾಟ ಮುಂದುವರೆಸುತ್ತೇನೆ ಎಂದು ಹೇಳಿದರು. ಕ್ಷೇತ್ರದಲ್ಲಿ 51,000 ಮತಗಳು ಬಂದಿವೆ.
ನಿರಂತರವಾಗಿ ಜನರೊಂದಿಗಿದ್ದು ಸೇವೆ ಮಾಡುತ್ತೇನೆ. ಕೃಷ್ಣರಾಜ ಕ್ಷೇತ್ರದಲ್ಲಿ ಸುಮಾರು 32,800 ಮತದಾರರು ನನ್ನ ಮೇಲೆ ವಿಶ್ವಾಸವಿಟ್ಟು ಮತ ನೀಡಿದ್ದಾರೆ. ಅವರಿಗೆ ನಾನು ಋಣಿಯಾಗಿರುತ್ತೇನೆ. ಜನತೆಯ ತೀರ್ಪನ್ನು ಸ್ವೀಕರಿಸಿ, ಮುಂದಿನ ದಿನಗಳಲ್ಲಿ ಜನಪರ ಹೋರಾಟ ಮುಂದುವರೆಸುತ್ತೇನೆ ಎಂದು ಹೇಳಿದರು. ಕ್ಷೇತ್ರದಲ್ಲಿ 51,000 ಮತಗಳು ಬಂದಿವೆ.
ಸೋತಿರಬಹುದು. ಆದರೆ ಜನರ ಮನಸ್ಸಿನಲ್ಲಿ ಇದ್ದೇನೆ ಎಂಬುದು ಸೋಲಿನಲ್ಲೂ ಸಮಾಧಾನ ತಂದಿದೆ. ನಾವು ಕಾರಣ: ಚಾಮುಂಡೇಶ್ವರಿ ಕ್ಷೇತ್ರದಲ್ಲಿ ಕಾಂಗ್ರೆಸ್ ಅಭ್ಯರ್ಥಿ ಮಾವಿನಹಳ್ಳಿ ಸಿದ್ದೇಗೌಡ ಅವರು ಸೋಲು ಒಪ್ಪಿಕೊಂಡರು. ನರಸಿಂಹರಾಜ ಕ್ಷೇತ್ರದಲ್ಲಿ ಬಿಜೆಪಿ ಅಭ್ಯರ್ಥಿ ಸಂದೇಶ್ ಸ್ವಾಮಿ ಮಾತನಾಡಿ, 79 ಸಾವಿರಕ್ಕೂ ಹೆಚ್ಚು ಮತಗಳು ಬಂದಿವೆ ಎಂದರು.
ಟಿ.ನರಸೀಪುರ ಕ್ಷೇತ್ರದ ಜೆಡಿಎಸ್ ಅಭ್ಯರ್ಥಿ ಎಂ.ಅಶ್ವಿನ್ ಕುಮಾರ್ ಮಾತನಾಡಿ, ಜನರ ತೀರ್ಪನ್ನು ಒಪ್ಪುತ್ತೇನೆ. ಕೃಷ್ಣರಾಜ ಕ್ಷೇತ್ರದ ಕಾಂಗ್ರೆಸ್ ಅಭ್ಯರ್ಥಿ ಎಂ.ಕೆ.ಸೋಮಶೇಖರ್ ಮಾತನಾಡಿ, ಜನಸೇವೆ ಮುಂದುವರೆಸುತ್ತೇನೆ. ಜನರ ತೀರ್ಪನ್ನು ಗೌರವಿಸುತ್ತೇನೆ, ಸೋಲಿನ ಕಾರಣ ಪರಾಮರ್ಶೆ ಮಾಡುತ್ತೇವೆ ಎಂದರು.
ಎಕ್ಸ್‌ಟ್ರಾ ಇನ್ನಿಂಗ್ಸ್ ಚುನಾವಣಾ ವಿಶೇಷ ಪುಟದಿಂದ
ಕನಕಪುರ
ಡಿ.ಕೆ.
ಶಿವಕುಮಾರ್
✋
ಚನ್ನಪಟ್ಟಣ
ಹೆಚ್.ಡಿ.
ಕುಮಾರಸ್ವಾಮಿ
♀
ಬೆಳ್ತಂಗಡಿ
ಹರೀಶ್
ಪೂಂಜ
❀
ಮೂಡಬಿದಿರೆ
ಉಮಾನಾಥ್
ಕೋಟ್ಯಾನ್
❀
ಮಂಗಳೂರು ನಗರ (ಉ)
ಭರತ್ ಶೆಟ್ಟಿ
❀
ಬಂಟ್ವಾಳ
ರಾಜೇಶ್
ನಾಯ್ಕ್
❀
ಪುತ್ತೂರು
ಅಶೋಕ್
ಕುಮಾರ್ ರೈ
✋
ಸುಳ್ಯ
ಭಾಗೀರಥಿ
ಮುರುಳ್ಯ
❀
ಮಂಗಳೂರು ನಗರ (ದ)
ವೇದವ್ಯಾಸ
ಕಾಮತ್
❀
ಮಂಗಳೂರು
ಯು.ಟಿ.
ಖಾದರ್
✋
